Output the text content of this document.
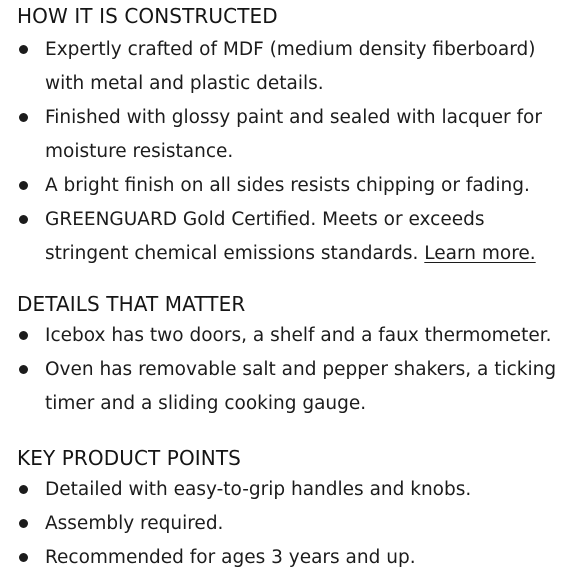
HOW IT IS CONSTRUCTED
Expertly crafted of MDF (medium density fiberboard) with metal and plastic details.
Finished with glossy paint and sealed with lacquer for moisture resistance.
A bright finish on all sides resists chipping or fading.
GREENGUARD Gold Certified. Meets or exceeds stringent chemical emissions standards. Learn more.
DETAILS THAT MATTER
Icebox has two doors, a shelf and a faux thermometer.
Oven has removable salt and pepper shakers, a ticking timer and a sliding cooking gauge.
KEY PRODUCT POINTS
Detailed with easy-to-grip handles and knobs.
Assembly required.
Recommended for ages 3 years and up.
